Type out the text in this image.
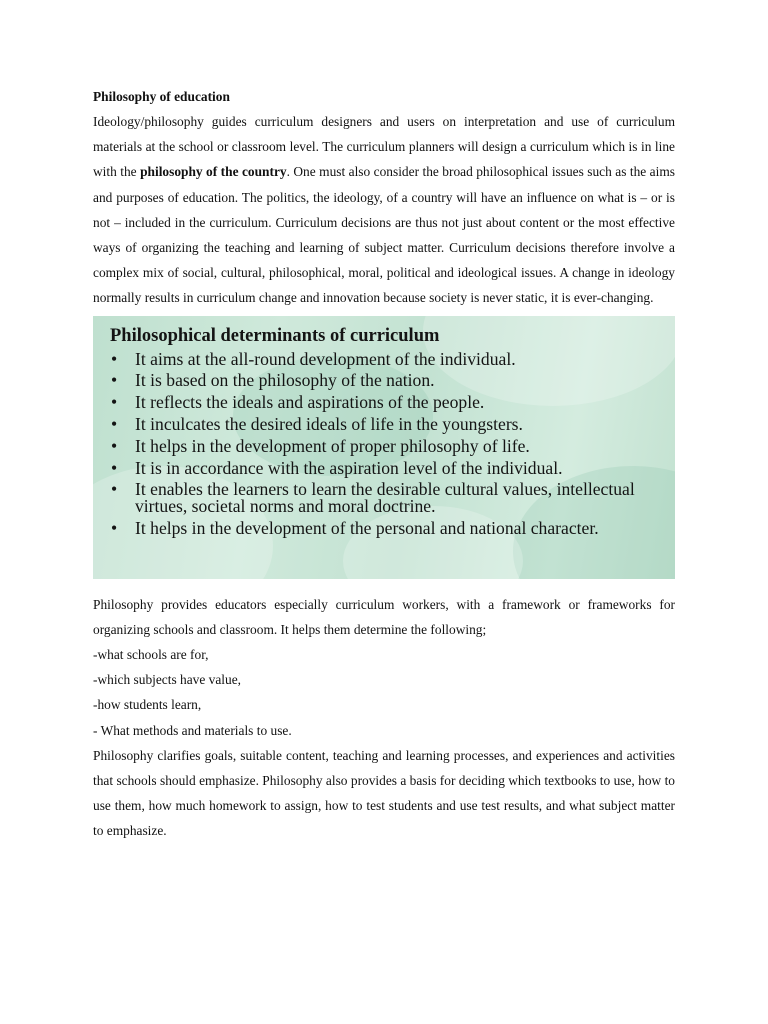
Philosophy of education

Ideology/philosophy guides curriculum designers and users on interpretation and use of curriculum materials at the school or classroom level. The curriculum planners will design a curriculum which is in line with the philosophy of the country. One must also consider the broad philosophical issues such as the aims and purposes of education. The politics, the ideology, of a country will have an influence on what is – or is not – included in the curriculum. Curriculum decisions are thus not just about content or the most effective ways of organizing the teaching and learning of subject matter. Curriculum decisions therefore involve a complex mix of social, cultural, philosophical, moral, political and ideological issues. A change in ideology normally results in curriculum change and innovation because society is never static, it is ever-changing.

Philosophical determinants of curriculum

• It aims at the all-round development of the individual.
• It is based on the philosophy of the nation.
• It reflects the ideals and aspirations of the people.
• It inculcates the desired ideals of life in the youngsters.
• It helps in the development of proper philosophy of life.
• It is in accordance with the aspiration level of the individual.
• It enables the learners to learn the desirable cultural values, intellectual virtues, societal norms and moral doctrine.
• It helps in the development of the personal and national character.

Philosophy provides educators especially curriculum workers, with a framework or frameworks for organizing schools and classroom. It helps them determine the following;

-what schools are for,

-which subjects have value,

-how students learn,

- What methods and materials to use.

Philosophy clarifies goals, suitable content, teaching and learning processes, and experiences and activities that schools should emphasize. Philosophy also provides a basis for deciding which textbooks to use, how to use them, how much homework to assign, how to test students and use test results, and what subject matter to emphasize.
